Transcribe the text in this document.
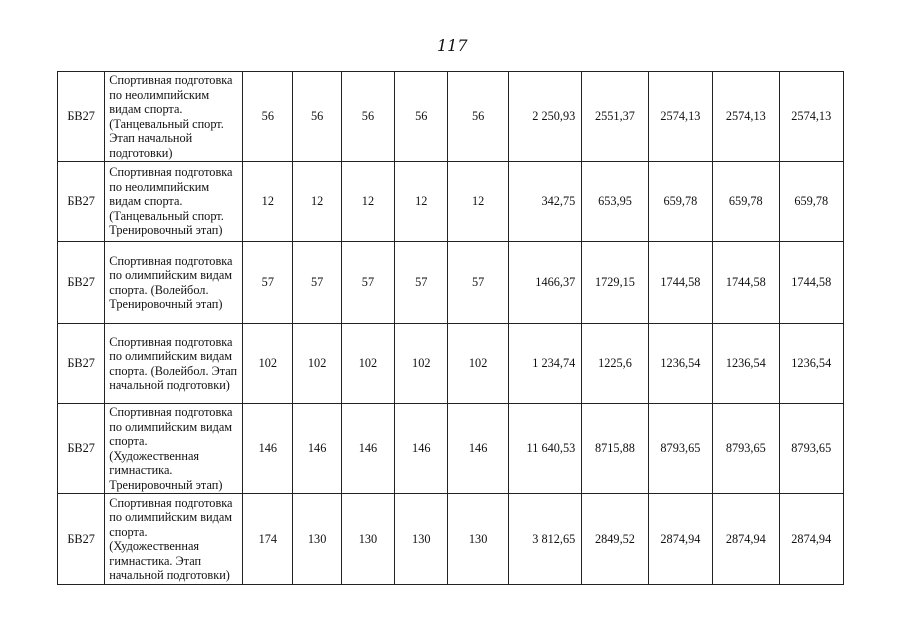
117
БВ27	Спортивная подготовка по неолимпийским видам спорта. (Танцевальный спорт. Этап начальной подготовки)	56	56	56	56	56	2 250,93	2551,37	2574,13	2574,13	2574,13
БВ27	Спортивная подготовка по неолимпийским видам спорта. (Танцевальный спорт. Тренировочный этап)	12	12	12	12	12	342,75	653,95	659,78	659,78	659,78
БВ27	Спортивная подготовка по олимпийским видам спорта. (Волейбол. Тренировочный этап)	57	57	57	57	57	1466,37	1729,15	1744,58	1744,58	1744,58
БВ27	Спортивная подготовка по олимпийским видам спорта. (Волейбол. Этап начальной подготовки)	102	102	102	102	102	1 234,74	1225,6	1236,54	1236,54	1236,54
БВ27	Спортивная подготовка по олимпийским видам спорта. (Художественная гимнастика. Тренировочный этап)	146	146	146	146	146	11 640,53	8715,88	8793,65	8793,65	8793,65
БВ27	Спортивная подготовка по олимпийским видам спорта. (Художественная гимнастика. Этап начальной подготовки)	174	130	130	130	130	3 812,65	2849,52	2874,94	2874,94	2874,94
